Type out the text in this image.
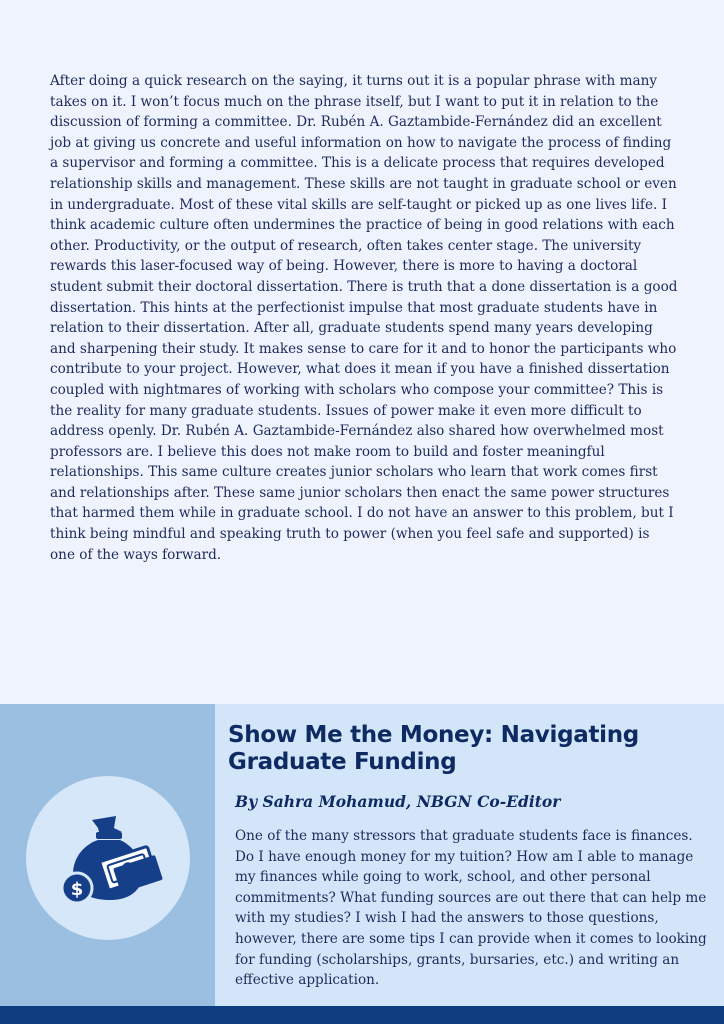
After doing a quick research on the saying, it turns out it is a popular phrase with many takes on it. I won’t focus much on the phrase itself, but I want to put it in relation to the discussion of forming a committee. Dr. Rubén A. Gaztambide-Fernández did an excellent job at giving us concrete and useful information on how to navigate the process of finding a supervisor and forming a committee. This is a delicate process that requires developed relationship skills and management. These skills are not taught in graduate school or even in undergraduate. Most of these vital skills are self-taught or picked up as one lives life. I think academic culture often undermines the practice of being in good relations with each other. Productivity, or the output of research, often takes center stage. The university rewards this laser-focused way of being. However, there is more to having a doctoral student submit their doctoral dissertation. There is truth that a done dissertation is a good dissertation. This hints at the perfectionist impulse that most graduate students have in relation to their dissertation. After all, graduate students spend many years developing and sharpening their study. It makes sense to care for it and to honor the participants who contribute to your project. However, what does it mean if you have a finished dissertation coupled with nightmares of working with scholars who compose your committee? This is the reality for many graduate students. Issues of power make it even more difficult to address openly. Dr. Rubén A. Gaztambide-Fernández also shared how overwhelmed most professors are. I believe this does not make room to build and foster meaningful relationships. This same culture creates junior scholars who learn that work comes first and relationships after. These same junior scholars then enact the same power structures that harmed them while in graduate school. I do not have an answer to this problem, but I think being mindful and speaking truth to power (when you feel safe and supported) is one of the ways forward.

$
Show Me the Money: Navigating Graduate Funding

By Sahra Mohamud, NBGN Co-Editor

One of the many stressors that graduate students face is finances. Do I have enough money for my tuition? How am I able to manage my finances while going to work, school, and other personal commitments? What funding sources are out there that can help me with my studies? I wish I had the answers to those questions, however, there are some tips I can provide when it comes to looking for funding (scholarships, grants, bursaries, etc.) and writing an effective application.
